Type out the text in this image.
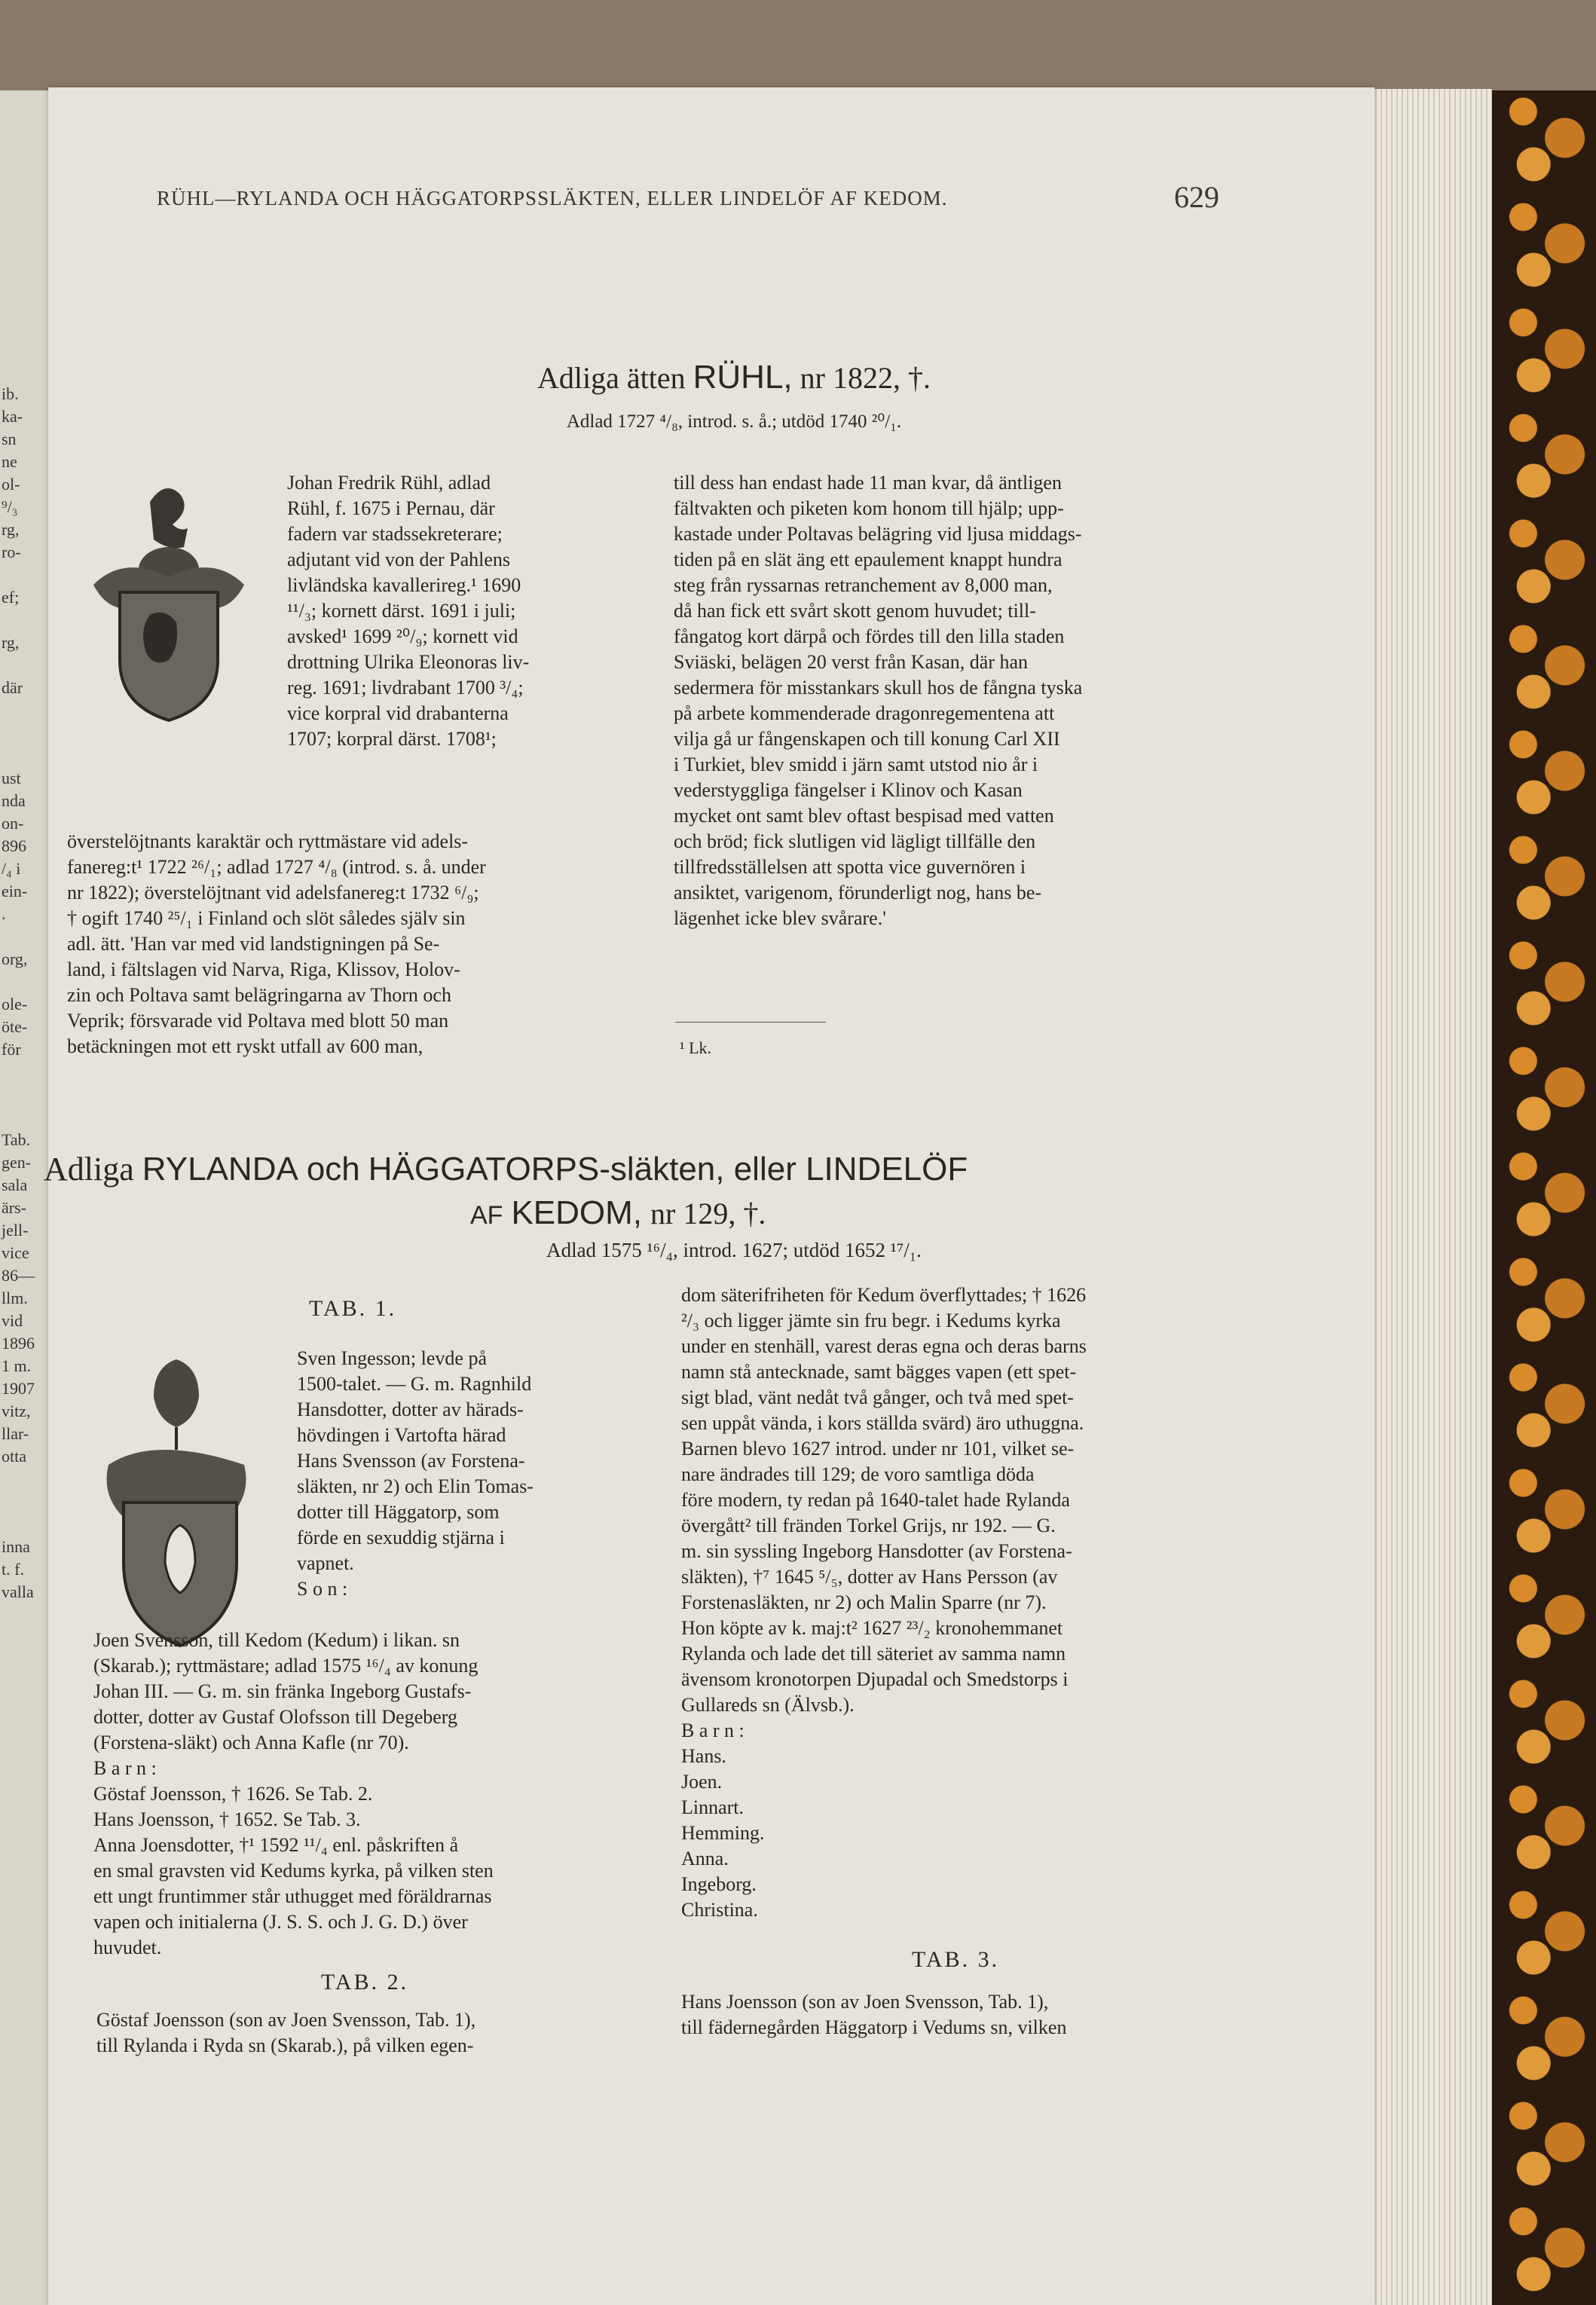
ib.
ka-
sn
ne
ol-
⁹/₃
rg,
ro-
ef;
rg,
där
ust
nda
on-
896
/₄ i
ein-
.
org,
ole-
öte-
för
Tab.
gen-
sala
ärs-
jell-
vice
86—
llm.
vid
1896
1 m.
1907
vitz,
llar-
otta
inna
t. f.
valla
RÜHL—RYLANDA OCH HÄGGATORPSSLÄKTEN, ELLER LINDELÖF AF KEDOM.	629
Adliga ätten RÜHL, nr 1822, †.
Adlad 1727 ⁴/₈, introd. s. å.; utdöd 1740 ²⁰/₁.
Johan Fredrik Rühl, adlad
Rühl, f. 1675 i Pernau, där
fadern var stadssekreterare;
adjutant vid von der Pahlens
livländska kavallerireg.¹ 1690
¹¹/₃; kornett därst. 1691 i juli;
avsked¹ 1699 ²⁰/₉; kornett vid
drottning Ulrika Eleonoras liv-
reg. 1691; livdrabant 1700 ³/₄;
vice korpral vid drabanterna
1707; korpral därst. 1708¹;
överstelöjtnants karaktär och ryttmästare vid adels-
fanereg:t¹ 1722 ²⁶/₁; adlad 1727 ⁴/₈ (introd. s. å. under
nr 1822); överstelöjtnant vid adelsfanereg:t 1732 ⁶/₉;
† ogift 1740 ²⁵/₁ i Finland och slöt således själv sin
adl. ätt. 'Han var med vid landstigningen på Se-
land, i fältslagen vid Narva, Riga, Klissov, Holov-
zin och Poltava samt belägringarna av Thorn och
Veprik; försvarade vid Poltava med blott 50 man
betäckningen mot ett ryskt utfall av 600 man,
till dess han endast hade 11 man kvar, då äntligen
fältvakten och piketen kom honom till hjälp; upp-
kastade under Poltavas belägring vid ljusa middags-
tiden på en slät äng ett epaulement knappt hundra
steg från ryssarnas retranchement av 8,000 man,
då han fick ett svårt skott genom huvudet; till-
fångatog kort därpå och fördes till den lilla staden
Sviäski, belägen 20 verst från Kasan, där han
sedermera för misstankars skull hos de fångna tyska
på arbete kommenderade dragonregementena att
vilja gå ur fångenskapen och till konung Carl XII
i Turkiet, blev smidd i järn samt utstod nio år i
vederstyggliga fängelser i Klinov och Kasan
mycket ont samt blev oftast bespisad med vatten
och bröd; fick slutligen vid lägligt tillfälle den
tillfredsställelsen att spotta vice guvernören i
ansiktet, varigenom, förunderligt nog, hans be-
lägenhet icke blev svårare.'
¹ Lk.
Adliga RYLANDA och HÄGGATORPS-släkten, eller LINDELÖF
AF KEDOM, nr 129, †.
Adlad 1575 ¹⁶/₄, introd. 1627; utdöd 1652 ¹⁷/₁.
TAB. 1.
Sven Ingesson; levde på
1500-talet. — G. m. Ragnhild
Hansdotter, dotter av härads-
hövdingen i Vartofta härad
Hans Svensson (av Forstena-
släkten, nr 2) och Elin Tomas-
dotter till Häggatorp, som
förde en sexuddig stjärna i
vapnet.
S o n :
Joen Svensson, till Kedom (Kedum) i likan. sn
(Skarab.); ryttmästare; adlad 1575 ¹⁶/₄ av konung
Johan III. — G. m. sin fränka Ingeborg Gustafs-
dotter, dotter av Gustaf Olofsson till Degeberg
(Forstena-släkt) och Anna Kafle (nr 70).
B a r n :
Göstaf Joensson, † 1626. Se Tab. 2.
Hans Joensson, † 1652. Se Tab. 3.
Anna Joensdotter, †¹ 1592 ¹¹/₄ enl. påskriften å
en smal gravsten vid Kedums kyrka, på vilken sten
ett ungt fruntimmer står uthugget med föräldrarnas
vapen och initialerna (J. S. S. och J. G. D.) över
huvudet.
TAB. 2.
Göstaf Joensson (son av Joen Svensson, Tab. 1),
till Rylanda i Ryda sn (Skarab.), på vilken egen-
dom säterifriheten för Kedum överflyttades; † 1626
²/₃ och ligger jämte sin fru begr. i Kedums kyrka
under en stenhäll, varest deras egna och deras barns
namn stå antecknade, samt bägges vapen (ett spet-
sigt blad, vänt nedåt två gånger, och två med spet-
sen uppåt vända, i kors ställda svärd) äro uthuggna.
Barnen blevo 1627 introd. under nr 101, vilket se-
nare ändrades till 129; de voro samtliga döda
före modern, ty redan på 1640-talet hade Rylanda
övergått² till fränden Torkel Grijs, nr 192. — G.
m. sin syssling Ingeborg Hansdotter (av Forstena-
släkten), †⁷ 1645 ⁵/₅, dotter av Hans Persson (av
Forstenasläkten, nr 2) och Malin Sparre (nr 7).
Hon köpte av k. maj:t² 1627 ²³/₂ kronohemmanet
Rylanda och lade det till säteriet av samma namn
ävensom kronotorpen Djupadal och Smedstorps i
Gullareds sn (Älvsb.).
B a r n :
Hans.
Joen.
Linnart.
Hemming.
Anna.
Ingeborg.
Christina.
TAB. 3.
Hans Joensson (son av Joen Svensson, Tab. 1),
till fädernegården Häggatorp i Vedums sn, vilken
